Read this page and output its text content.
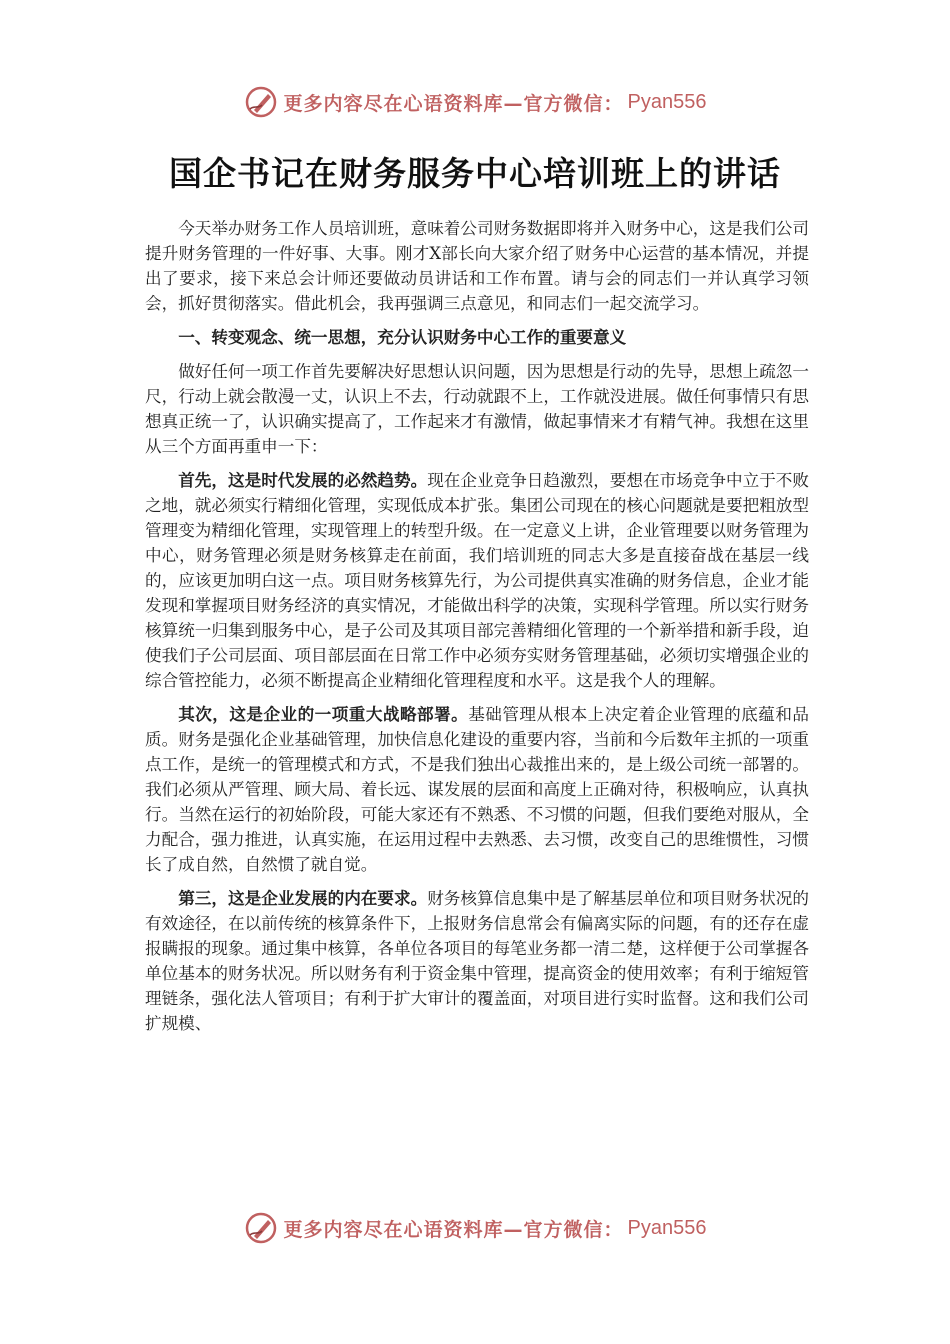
更多内容尽在心语资料库—官方微信： Pyan556
国企书记在财务服务中心培训班上的讲话

今天举办财务工作人员培训班，意味着公司财务数据即将并入财务中心，这是我们公司提升财务管理的一件好事、大事。刚才X部长向大家介绍了财务中心运营的基本情况，并提出了要求，接下来总会计师还要做动员讲话和工作布置。请与会的同志们一并认真学习领会，抓好贯彻落实。借此机会，我再强调三点意见，和同志们一起交流学习。

一、转变观念、统一思想，充分认识财务中心工作的重要意义

做好任何一项工作首先要解决好思想认识问题，因为思想是行动的先导，思想上疏忽一尺，行动上就会散漫一丈，认识上不去，行动就跟不上，工作就没进展。做任何事情只有思想真正统一了，认识确实提高了，工作起来才有激情，做起事情来才有精气神。我想在这里从三个方面再重申一下：

首先，这是时代发展的必然趋势。现在企业竞争日趋激烈，要想在市场竞争中立于不败之地，就必须实行精细化管理，实现低成本扩张。集团公司现在的核心问题就是要把粗放型管理变为精细化管理，实现管理上的转型升级。在一定意义上讲，企业管理要以财务管理为中心，财务管理必须是财务核算走在前面，我们培训班的同志大多是直接奋战在基层一线的，应该更加明白这一点。项目财务核算先行，为公司提供真实准确的财务信息，企业才能发现和掌握项目财务经济的真实情况，才能做出科学的决策，实现科学管理。所以实行财务核算统一归集到服务中心，是子公司及其项目部完善精细化管理的一个新举措和新手段，迫使我们子公司层面、项目部层面在日常工作中必须夯实财务管理基础，必须切实增强企业的综合管控能力，必须不断提高企业精细化管理程度和水平。这是我个人的理解。

其次，这是企业的一项重大战略部署。基础管理从根本上决定着企业管理的底蕴和品质。财务是强化企业基础管理，加快信息化建设的重要内容，当前和今后数年主抓的一项重点工作，是统一的管理模式和方式，不是我们独出心裁推出来的，是上级公司统一部署的。我们必须从严管理、顾大局、着长远、谋发展的层面和高度上正确对待，积极响应，认真执行。当然在运行的初始阶段，可能大家还有不熟悉、不习惯的问题，但我们要绝对服从，全力配合，强力推进，认真实施，在运用过程中去熟悉、去习惯，改变自己的思维惯性，习惯长了成自然，自然惯了就自觉。

第三，这是企业发展的内在要求。财务核算信息集中是了解基层单位和项目财务状况的有效途径，在以前传统的核算条件下，上报财务信息常会有偏离实际的问题，有的还存在虚报瞒报的现象。通过集中核算，各单位各项目的每笔业务都一清二楚，这样便于公司掌握各单位基本的财务状况。所以财务有利于资金集中管理，提高资金的使用效率；有利于缩短管理链条，强化法人管项目；有利于扩大审计的覆盖面，对项目进行实时监督。这和我们公司扩规模、

更多内容尽在心语资料库—官方微信： Pyan556
